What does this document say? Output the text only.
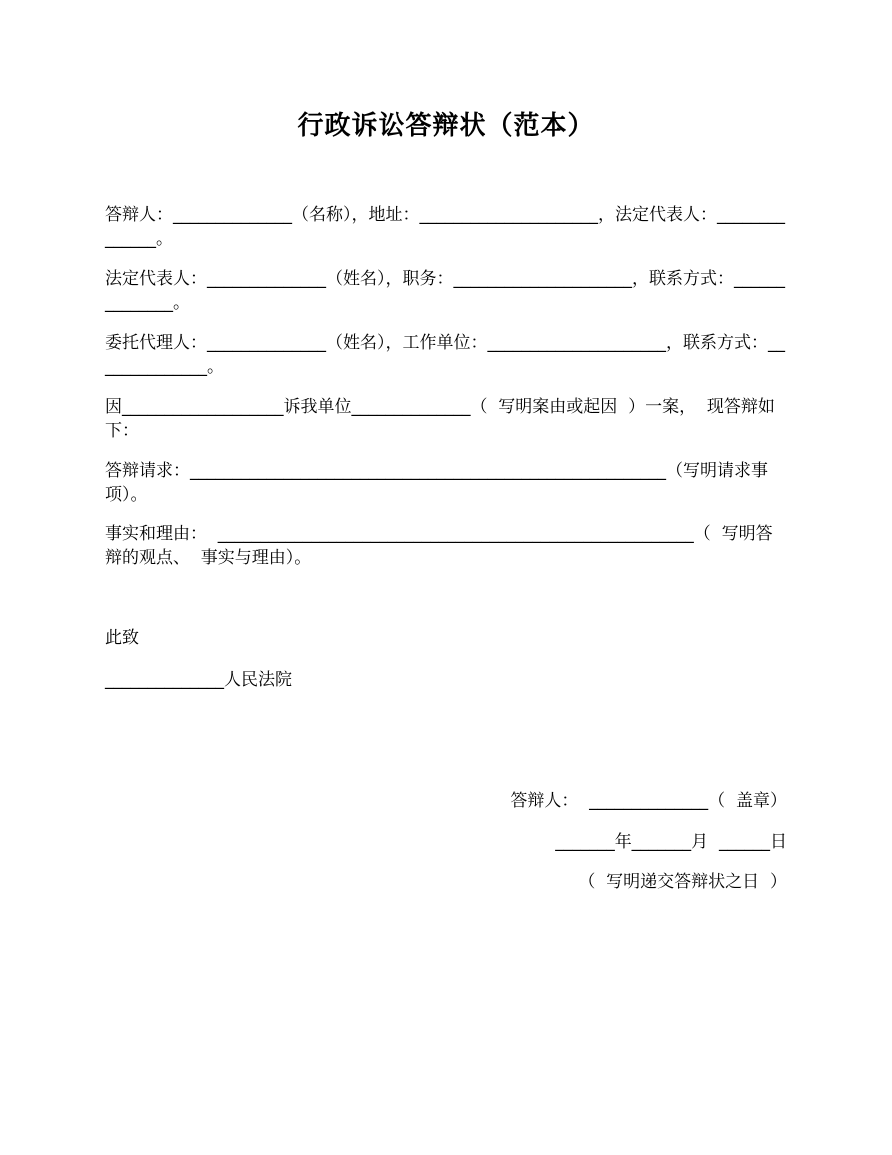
行政诉讼答辩状（范本）
答辩人：______________（名称），地址：_____________________，法定代表人：______________。
法定代表人：______________（姓名），职务：_____________________，联系方式：______________。
委托代理人：______________（姓名），工作单位：_____________________，联系方式：______________。
因___________________诉我单位______________（  写明案由或起因  ）一案，  现答辩如下：
答辩请求：________________________________________________________（写明请求事项）。
事实和理由：  ________________________________________________________（  写明答辩的观点、  事实与理由）。
此致
______________人民法院
答辩人：  ______________（  盖章）
_______年_______月  ______日
（  写明递交答辩状之日  ）
